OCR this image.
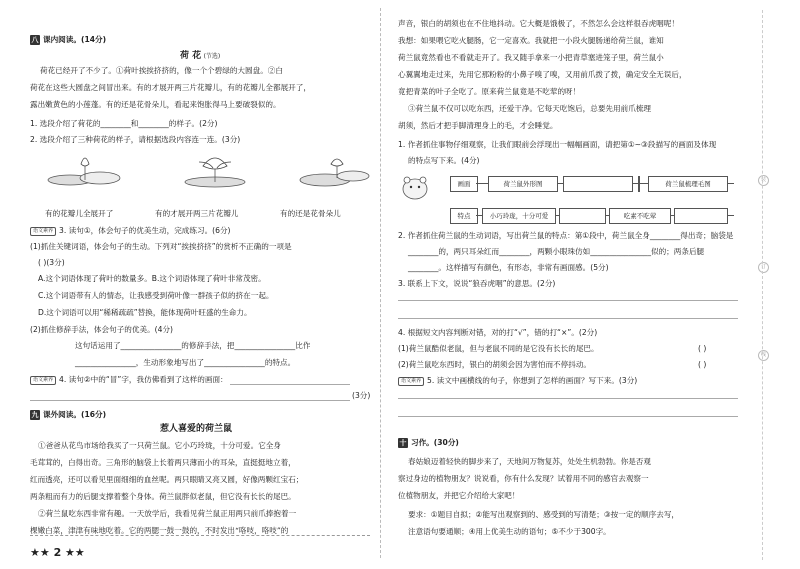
八 课内阅读。(14分)
荷 花 (节选)
荷花已经开了不少了。①荷叶挨挨挤挤的，像一个个碧绿的大圆盘。②白
荷花在这些大圆盘之间冒出来。有的才展开两三片花瓣儿，有的花瓣儿全都展开了，
露出嫩黄色的小莲蓬。有的还是花骨朵儿，看起来饱胀得马上要破裂似的。
1. 选段介绍了荷花的________和________的样子。(2分)
2. 选段介绍了三种荷花的样子，请根据选段内容连一连。(3分)
有的花瓣儿全展开了	有的才展开两三片花瓣儿	有的还是花骨朵儿
语文素养 3. 读句①，体会句子的优美生动，完成练习。(6分)
(1)抓住关键词语，体会句子的生动。下列对“挨挨挤挤”的赏析不正确的一项是
( )(3分)
A.这个词语体现了荷叶的数量多。B.这个词语体现了荷叶非常茂密。
C.这个词语带有人的情态，让我感受到荷叶像一群孩子似的挤在一起。
D.这个词语可以用“稀稀疏疏”替换，能体现荷叶旺盛的生命力。
(2)抓住修辞手法，体会句子的优美。(4分)
这句话运用了________________的修辞手法，把________________比作
________________，生动形象地写出了________________的特点。
语文素养 4. 读句②中的“冒”字，我仿佛看到了这样的画面：
(3分)
九 课外阅读。(16分)
惹人喜爱的荷兰鼠
①爸爸从花鸟市场给我买了一只荷兰鼠。它小巧玲珑，十分可爱。它全身
毛茸茸的，白得出奇。三角形的脑袋上长着两只薄而小的耳朵，直挺挺地立着，
红而透亮，还可以看见里面细细的血丝呢。两只眼睛又亮又圆，好像两颗红宝石；
两条粗而有力的后腿支撑着整个身体。荷兰鼠胖似老鼠，但它没有长长的尾巴。
②荷兰鼠吃东西非常有趣。一天放学后，我看见荷兰鼠正用两只前爪捧抱着一
棵嫩白菜，津津有味地吃着。它的两腮一鼓一鼓的，不时发出“咯吱，咯吱”的
★★ 2 ★★
声音，银白的胡须也在不住地抖动。它大概是饿极了，不然怎么会这样很吞虎咽呢！
我想：如果喂它吃火腿肠，它一定喜欢。我就把一小段火腿肠递给荷兰鼠，谁知
荷兰鼠竟然看也不看就走开了。我又随手拿来一小把青草塞进笼子里，荷兰鼠小
心翼翼地走过来，先用它那粉粉的小鼻子嗅了嗅，又用前爪拨了拨，确定安全无误后，
竟把青菜的叶子全吃了。原来荷兰鼠竟是不吃荤的呀！
③荷兰鼠不仅可以吃东西，还爱干净。它每天吃饱后，总要先用前爪梳理
胡须，然后才把手脚清理身上的毛，才会睡觉。
1. 作者抓住事物仔细观察，让我们眼前会浮现出一幅幅画面，请把第①~③段描写的画面及体现
的特点写下来。(4分)
画面
特点
荷兰鼠外形图	荷兰鼠梳理毛图
小巧玲珑，十分可爱	吃素不吃荤
2. 作者抓住荷兰鼠的生动词语，写出荷兰鼠的特点：第①段中，荷兰鼠全身________得出奇；脑袋是
________的，两只耳朵红而________，两颗小眼珠仿如________________似的；两条后腿
________。这样描写有颜色，有形态，非常有画面感。(5分)
3. 联系上下文，说说“狼吞虎咽”的意思。(2分)
4. 根据短文内容判断对错，对的打“√”，错的打“×”。(2分)
(1)荷兰鼠酷似老鼠，但与老鼠不同的是它没有长长的尾巴。	( )
(2)荷兰鼠吃东西时，银白的胡须会因为害怕而不停抖动。	( )
语文素养 5. 读文中画横线的句子，你想到了怎样的画面？写下来。(3分)
十 习作。(30分)
春姑娘迈着轻快的脚步来了，天地间万物复苏，处处生机勃勃。你是否观
察过身边的植物朋友？说说看，你有什么发现？试着用不同的感官去观察一
位植物朋友，并把它介绍给大家吧！
要求：①题目自拟；②能写出观察到的、感受到的写清楚；③按一定的顺序去写，
注意语句要通顺；④用上优美生动的语句；⑤不少于300字。
装
订
线
